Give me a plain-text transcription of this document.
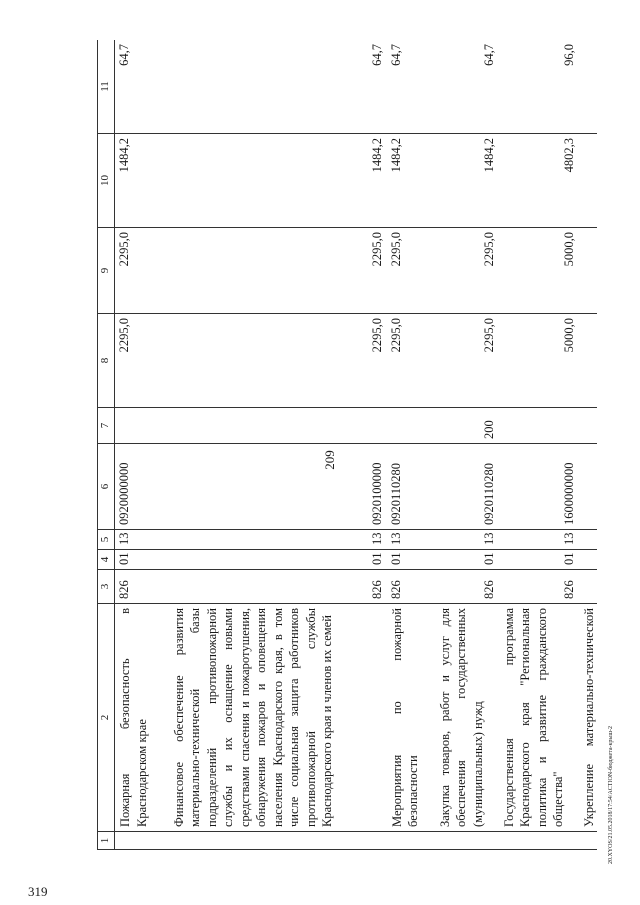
209
20.XYOS/21.05.2018/17:54/ACTION-бюджета-крыш-2
319
1	2	3	4	5	6	7	8	9	10	11
	Пожарная безопасность в Краснодарском крае	826	01	13	0920000000		2295,0	2295,0	1484,2	64,7
	Финансовое обеспечение развития материально-технической базы подразделений противопожарной службы и их оснащение новыми средствами спасения и пожаротушения, обнаружения пожаров и оповещения населения Краснодарского края, в том числе социальная защита работников противопожарной службы Краснодарского края и членов их семей	826	01	13	0920100000		2295,0	2295,0	1484,2	64,7
	Мероприятия по пожарной безопасности	826	01	13	0920110280		2295,0	2295,0	1484,2	64,7
	Закупка товаров, работ и услуг для обеспечения государственных (муниципальных) нужд	826	01	13	0920110280	200	2295,0	2295,0	1484,2	64,7
	Государственная программа Краснодарского края "Региональная политика и развитие гражданского общества"	826	01	13	1600000000		5000,0	5000,0	4802,3	96,0
	Укрепление материально-технической									
